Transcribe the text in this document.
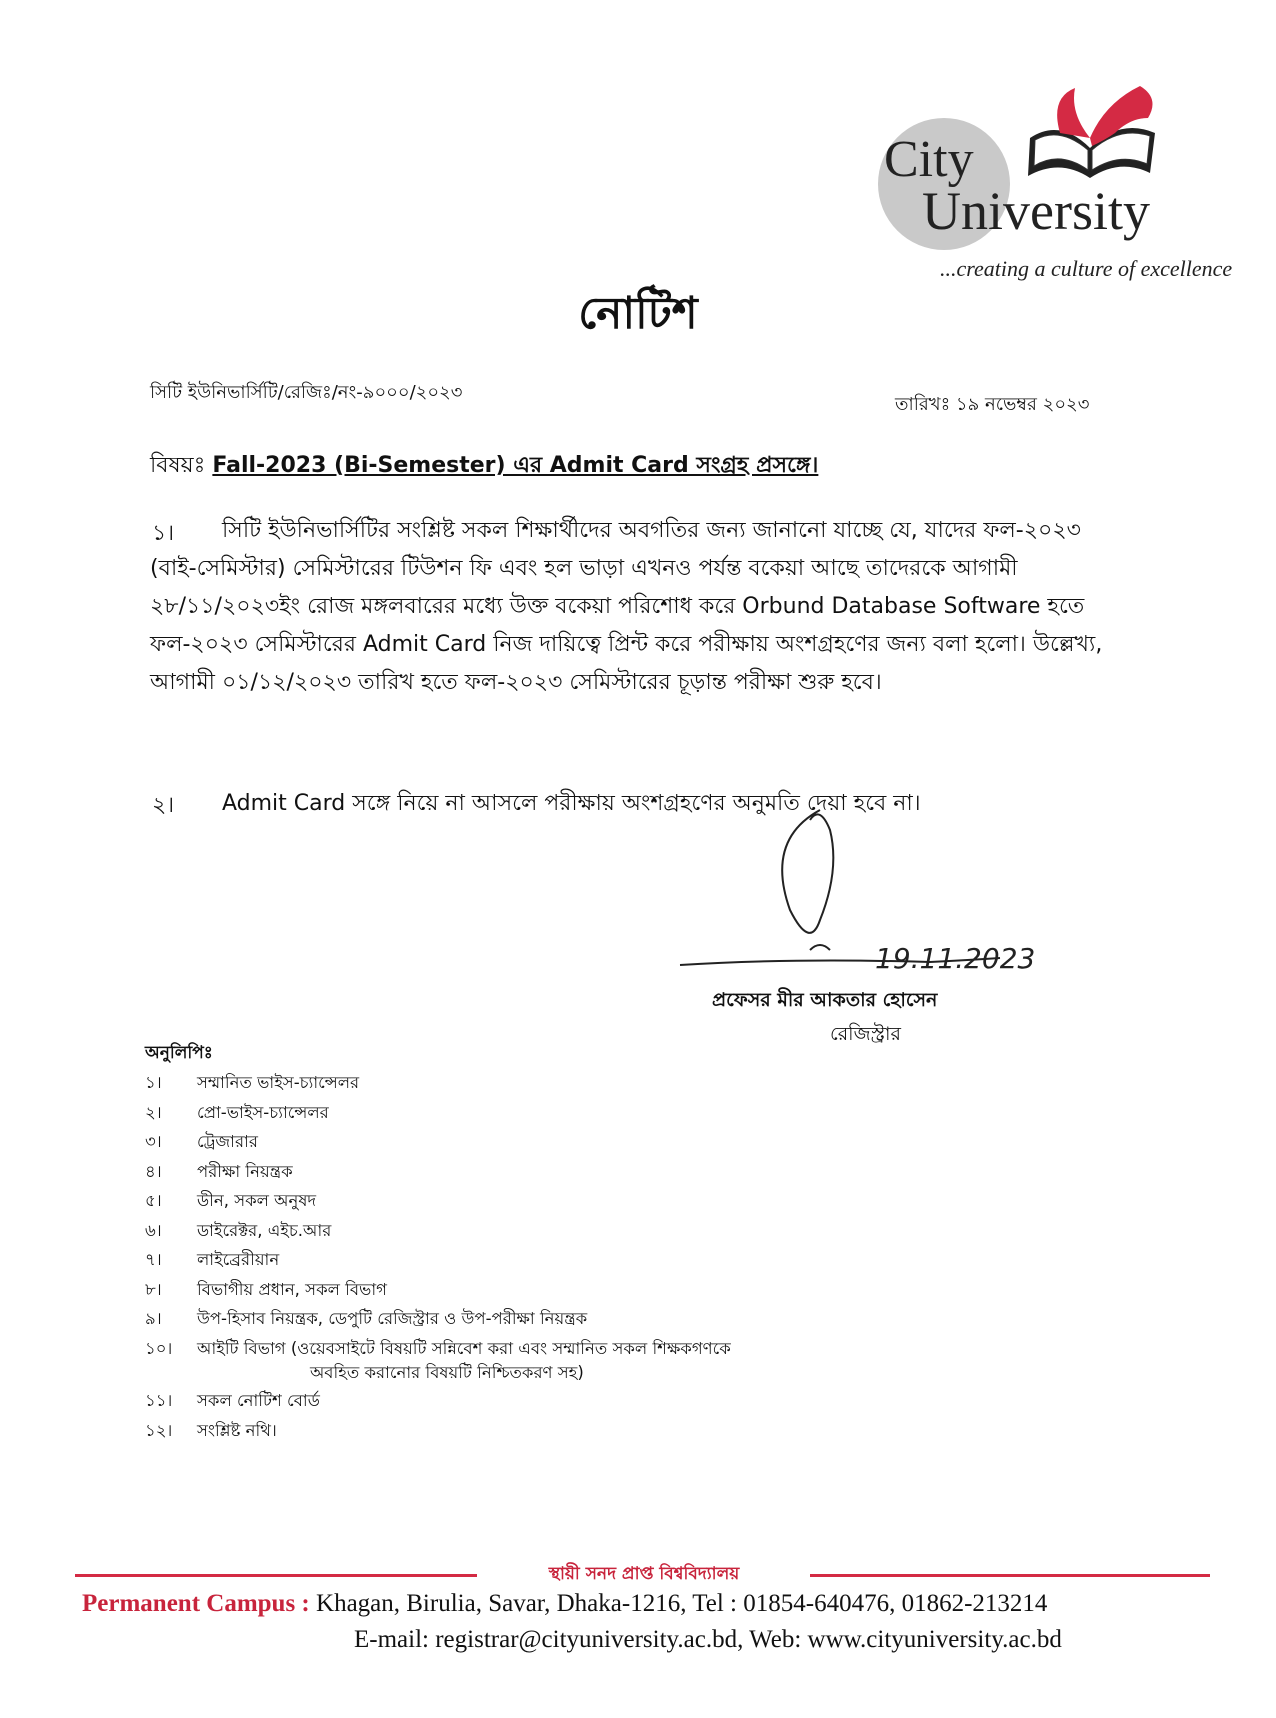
City
University
...creating a culture of excellence
নোটিশ
সিটি ইউনিভার্সিটি/রেজিঃ/নং-৯০০০/২০২৩
তারিখঃ ১৯ নভেম্বর ২০২৩
বিষয়ঃ Fall-2023 (Bi-Semester) এর Admit Card সংগ্রহ প্রসঙ্গে।
১।	সিটি ইউনিভার্সিটির সংশ্লিষ্ট সকল শিক্ষার্থীদের অবগতির জন্য জানানো যাচ্ছে যে, যাদের ফল-২০২৩ (বাই-সেমিস্টার) সেমিস্টারের টিউশন ফি এবং হল ভাড়া এখনও পর্যন্ত বকেয়া আছে তাদেরকে আগামী ২৮/১১/২০২৩ইং রোজ মঙ্গলবারের মধ্যে উক্ত বকেয়া পরিশোধ করে Orbund Database Software হতে ফল-২০২৩ সেমিস্টারের Admit Card নিজ দায়িত্বে প্রিন্ট করে পরীক্ষায় অংশগ্রহণের জন্য বলা হলো। উল্লেখ্য, আগামী ০১/১২/২০২৩ তারিখ হতে ফল-২০২৩ সেমিস্টারের চূড়ান্ত পরীক্ষা শুরু হবে।
২। Admit Card সঙ্গে নিয়ে না আসলে পরীক্ষায় অংশগ্রহণের অনুমতি দেয়া হবে না।
19.11.2023
প্রফেসর মীর আকতার হোসেন
রেজিস্ট্রার
অনুলিপিঃ
১।	সম্মানিত ভাইস-চ্যান্সেলর
২।	প্রো-ভাইস-চ্যান্সেলর
৩।	ট্রেজারার
৪।	পরীক্ষা নিয়ন্ত্রক
৫।	ডীন, সকল অনুষদ
৬।	ডাইরেক্টর, এইচ.আর
৭।	লাইব্রেরীয়ান
৮।	বিভাগীয় প্রধান, সকল বিভাগ
৯।	উপ-হিসাব নিয়ন্ত্রক, ডেপুটি রেজিস্ট্রার ও উপ-পরীক্ষা নিয়ন্ত্রক
১০।	আইটি বিভাগ (ওয়েবসাইটে বিষয়টি সন্নিবেশ করা এবং সম্মানিত সকল শিক্ষকগণকে
অবহিত করানোর বিষয়টি নিশ্চিতকরণ সহ)
১১।	সকল নোটিশ বোর্ড
১২।	সংশ্লিষ্ট নথি।
স্থায়ী সনদ প্রাপ্ত বিশ্ববিদ্যালয়
Permanent Campus : Khagan, Birulia, Savar, Dhaka-1216, Tel : 01854-640476, 01862-213214
E-mail: registrar@cityuniversity.ac.bd, Web: www.cityuniversity.ac.bd
